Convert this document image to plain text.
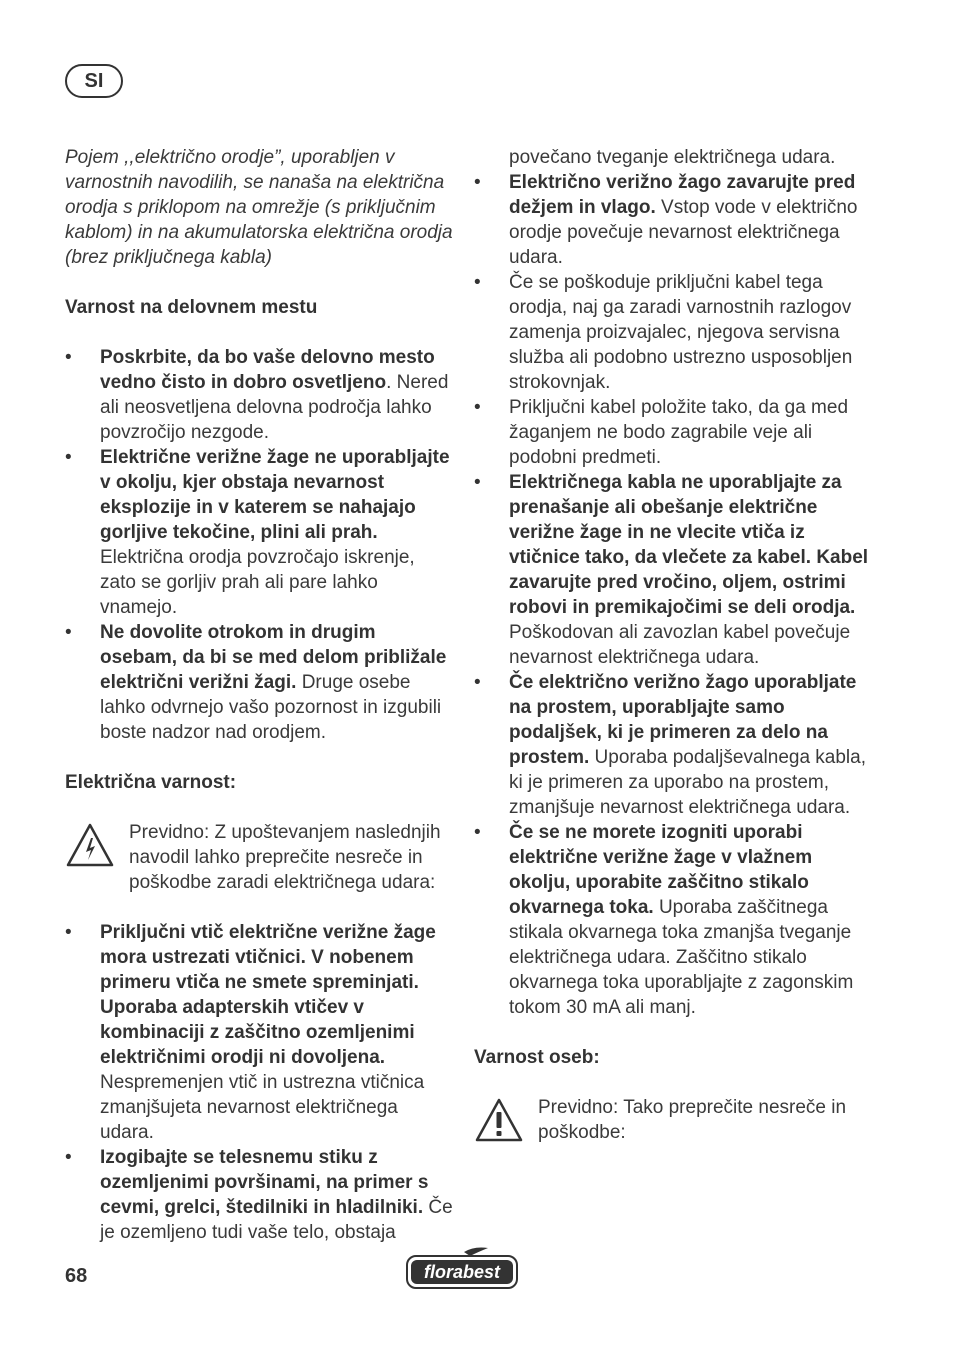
SI

Pojem ,,električno orodje”, uporabljen v varnostnih navodilih, se nanaša na električna orodja s priklopom na omrežje (s priključnim kablom) in na akumulatorska električna orodja (brez priključnega kabla)

Varnost na delovnem mestu

• Poskrbite, da bo vaše delovno mesto vedno čisto in dobro osvetljeno. Nered ali neosvetljena delovna področja lahko povzročijo nezgode.
• Električne verižne žage ne uporabljajte v okolju, kjer obstaja nevarnost eksplozije in v katerem se nahajajo gorljive tekočine, plini ali prah. Električna orodja povzročajo iskrenje, zato se gorljiv prah ali pare lahko vnamejo.
• Ne dovolite otrokom in drugim osebam, da bi se med delom približale električni verižni žagi. Druge osebe lahko odvrnejo vašo pozornost in izgubili boste nadzor nad orodjem.

Električna varnost:

Previdno: Z upoštevanjem naslednjih navodil lahko preprečite nesreče in poškodbe zaradi električnega udara:

• Priključni vtič električne verižne žage mora ustrezati vtičnici. V nobenem primeru vtiča ne smete spreminjati. Uporaba adapterskih vtičev v kombinaciji z zaščitno ozemljenimi električnimi orodji ni dovoljena. Nespremenjen vtič in ustrezna vtičnica zmanjšujeta nevarnost električnega udara.
• Izogibajte se telesnemu stiku z ozemljenimi površinami, na primer s cevmi, grelci, štedilniki in hladilniki. Če je ozemljeno tudi vaše telo, obstaja

povečano tveganje električnega udara.

• Električno verižno žago zavarujte pred dežjem in vlago. Vstop vode v električno orodje povečuje nevarnost električnega udara.
• Če se poškoduje priključni kabel tega orodja, naj ga zaradi varnostnih razlogov zamenja proizvajalec, njegova servisna služba ali podobno ustrezno usposobljen strokovnjak.
• Priključni kabel položite tako, da ga med žaganjem ne bodo zagrabile veje ali podobni predmeti.
• Električnega kabla ne uporabljajte za prenašanje ali obešanje električne verižne žage in ne vlecite vtiča iz vtičnice tako, da vlečete za kabel. Kabel zavarujte pred vročino, oljem, ostrimi robovi in premikajočimi se deli orodja. Poškodovan ali zavozlan kabel povečuje nevarnost električnega udara.
• Če električno verižno žago uporabljate na prostem, uporabljajte samo podaljšek, ki je primeren za delo na prostem. Uporaba podaljševalnega kabla, ki je primeren za uporabo na prostem, zmanjšuje nevarnost električnega udara.
• Če se ne morete izogniti uporabi električne verižne žage v vlažnem okolju, uporabite zaščitno stikalo okvarnega toka. Uporaba zaščitnega stikala okvarnega toka zmanjša tveganje električnega udara. Zaščitno stikalo okvarnega toka uporabljajte z zagonskim tokom 30 mA ali manj.

Varnost oseb:

Previdno: Tako preprečite nesreče in poškodbe:

68	florabest
